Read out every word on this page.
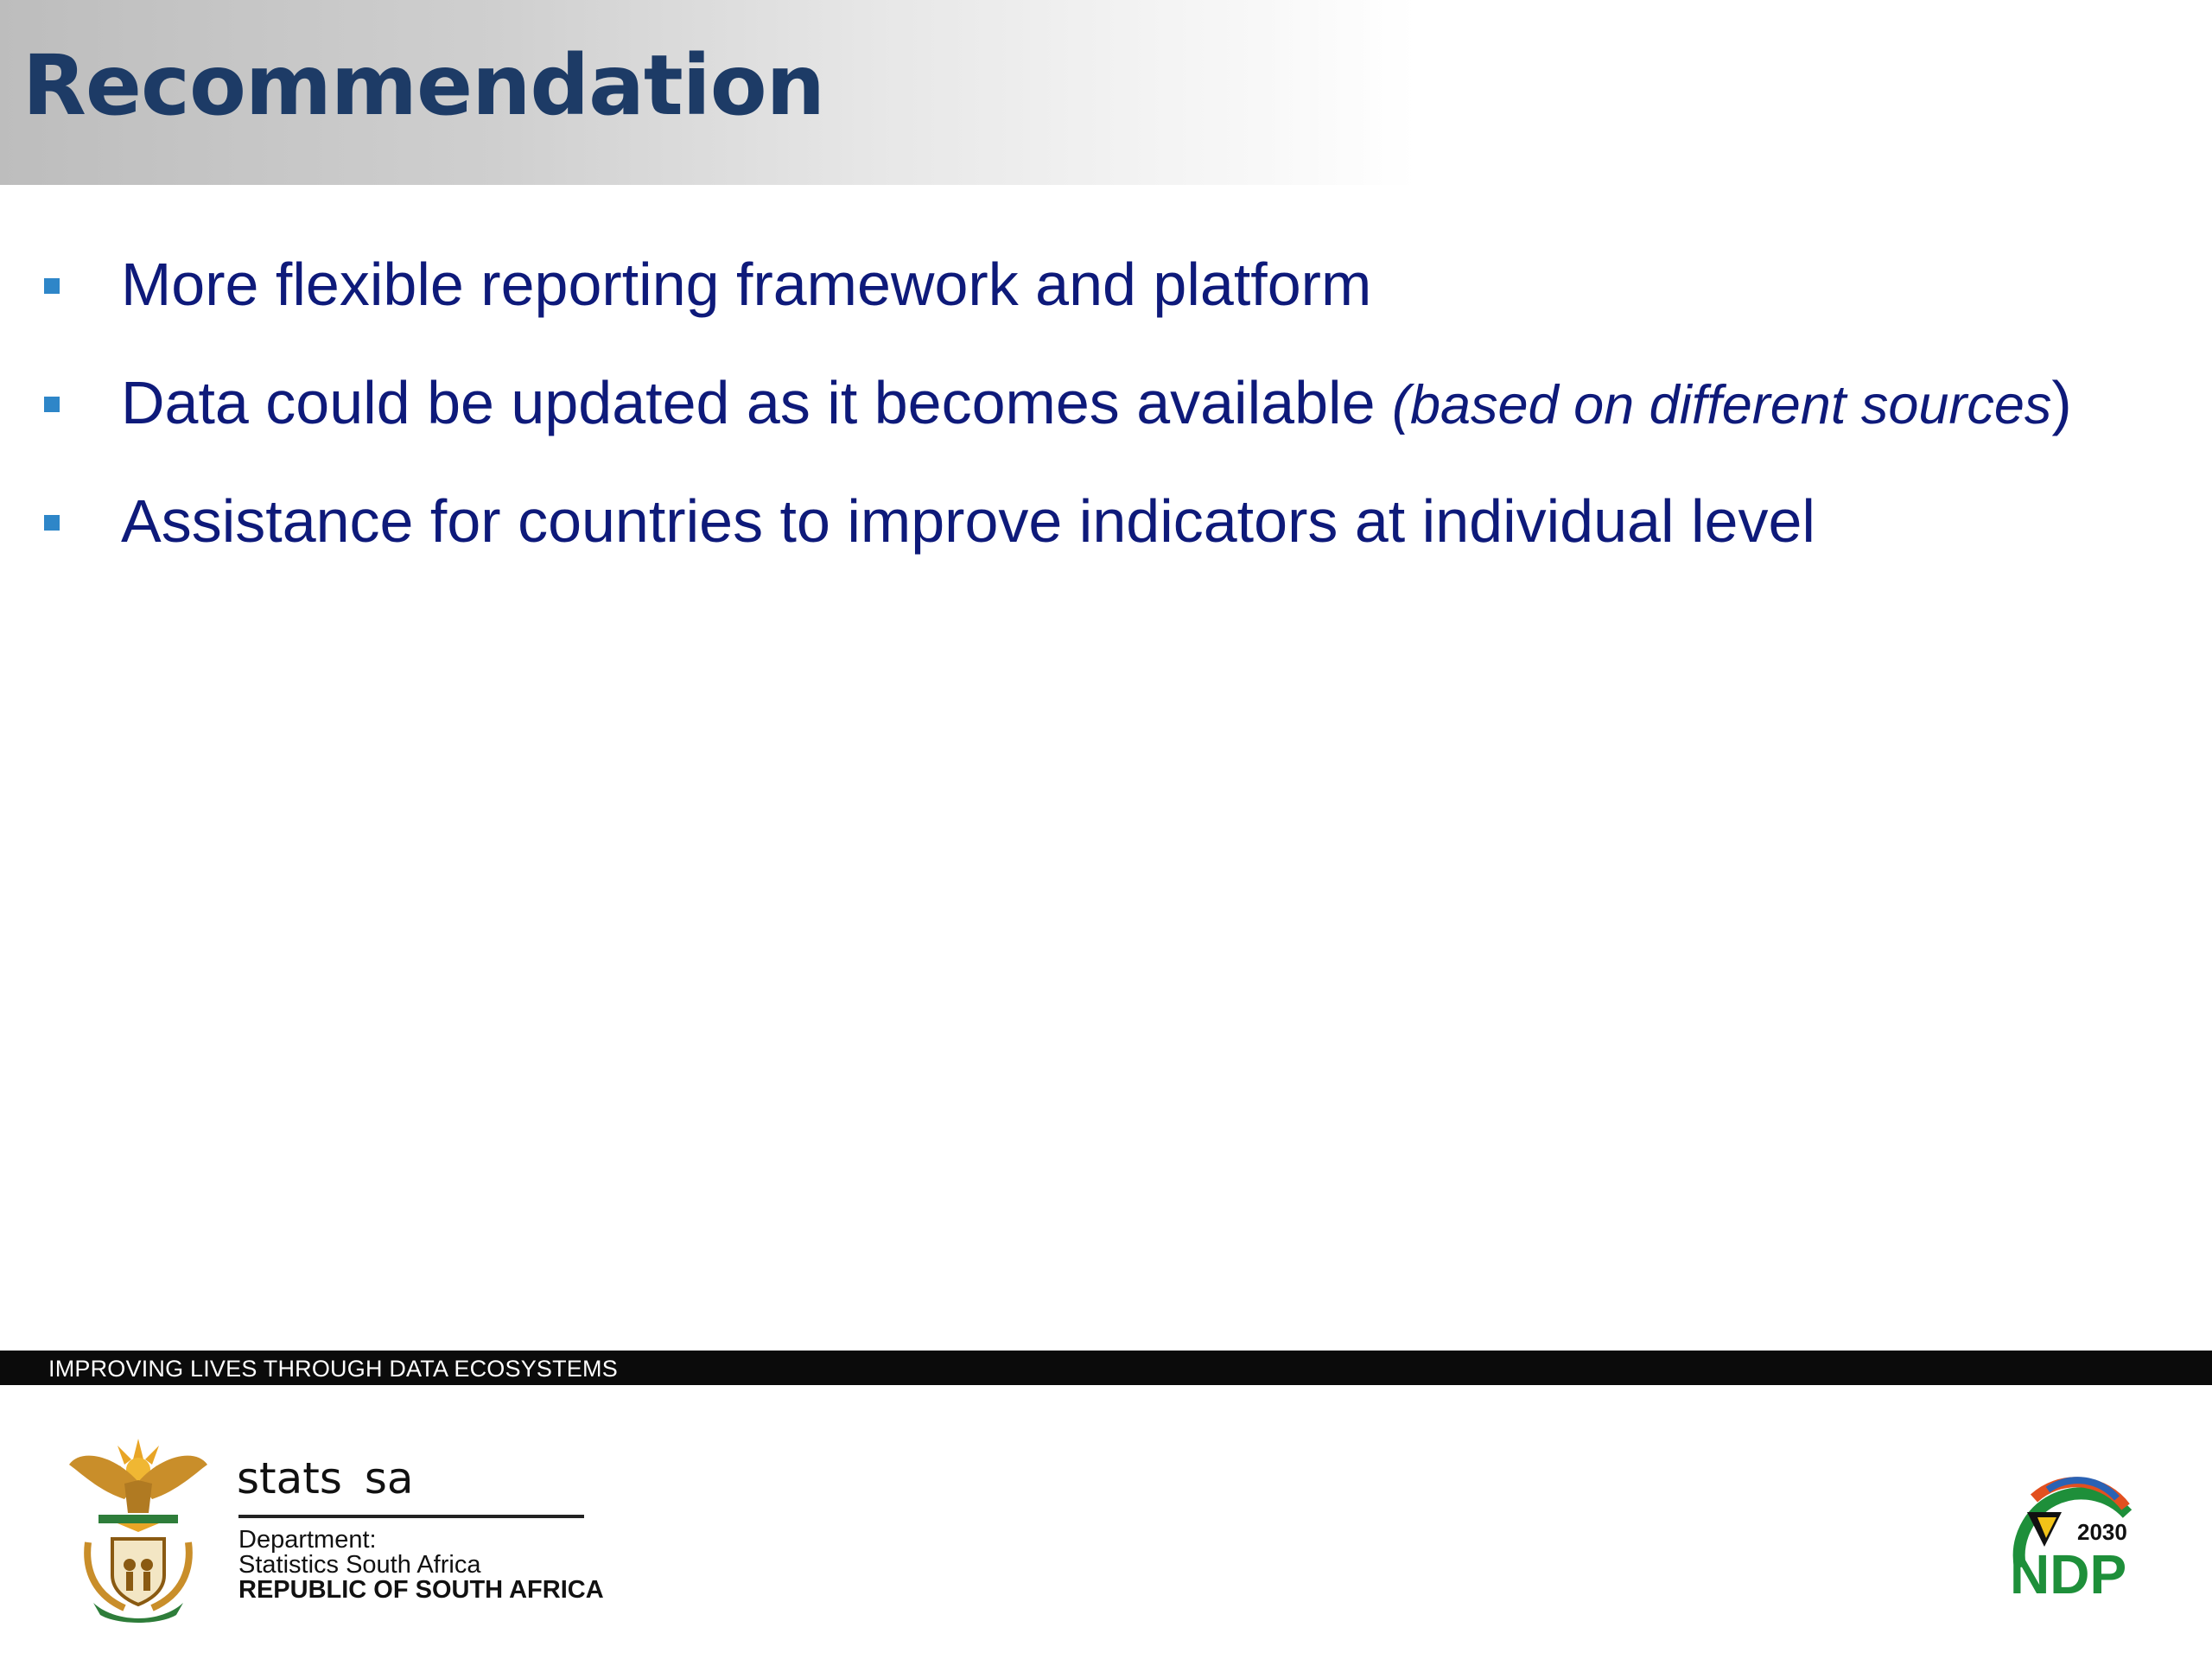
Recommendation
More flexible reporting framework and platform
Data could be updated as it becomes available (based on different sources)
Assistance for countries to improve indicators at individual level
IMPROVING LIVES THROUGH DATA ECOSYSTEMS
stats sa
Department:
Statistics South Africa
REPUBLIC OF SOUTH AFRICA
2030
NDP
